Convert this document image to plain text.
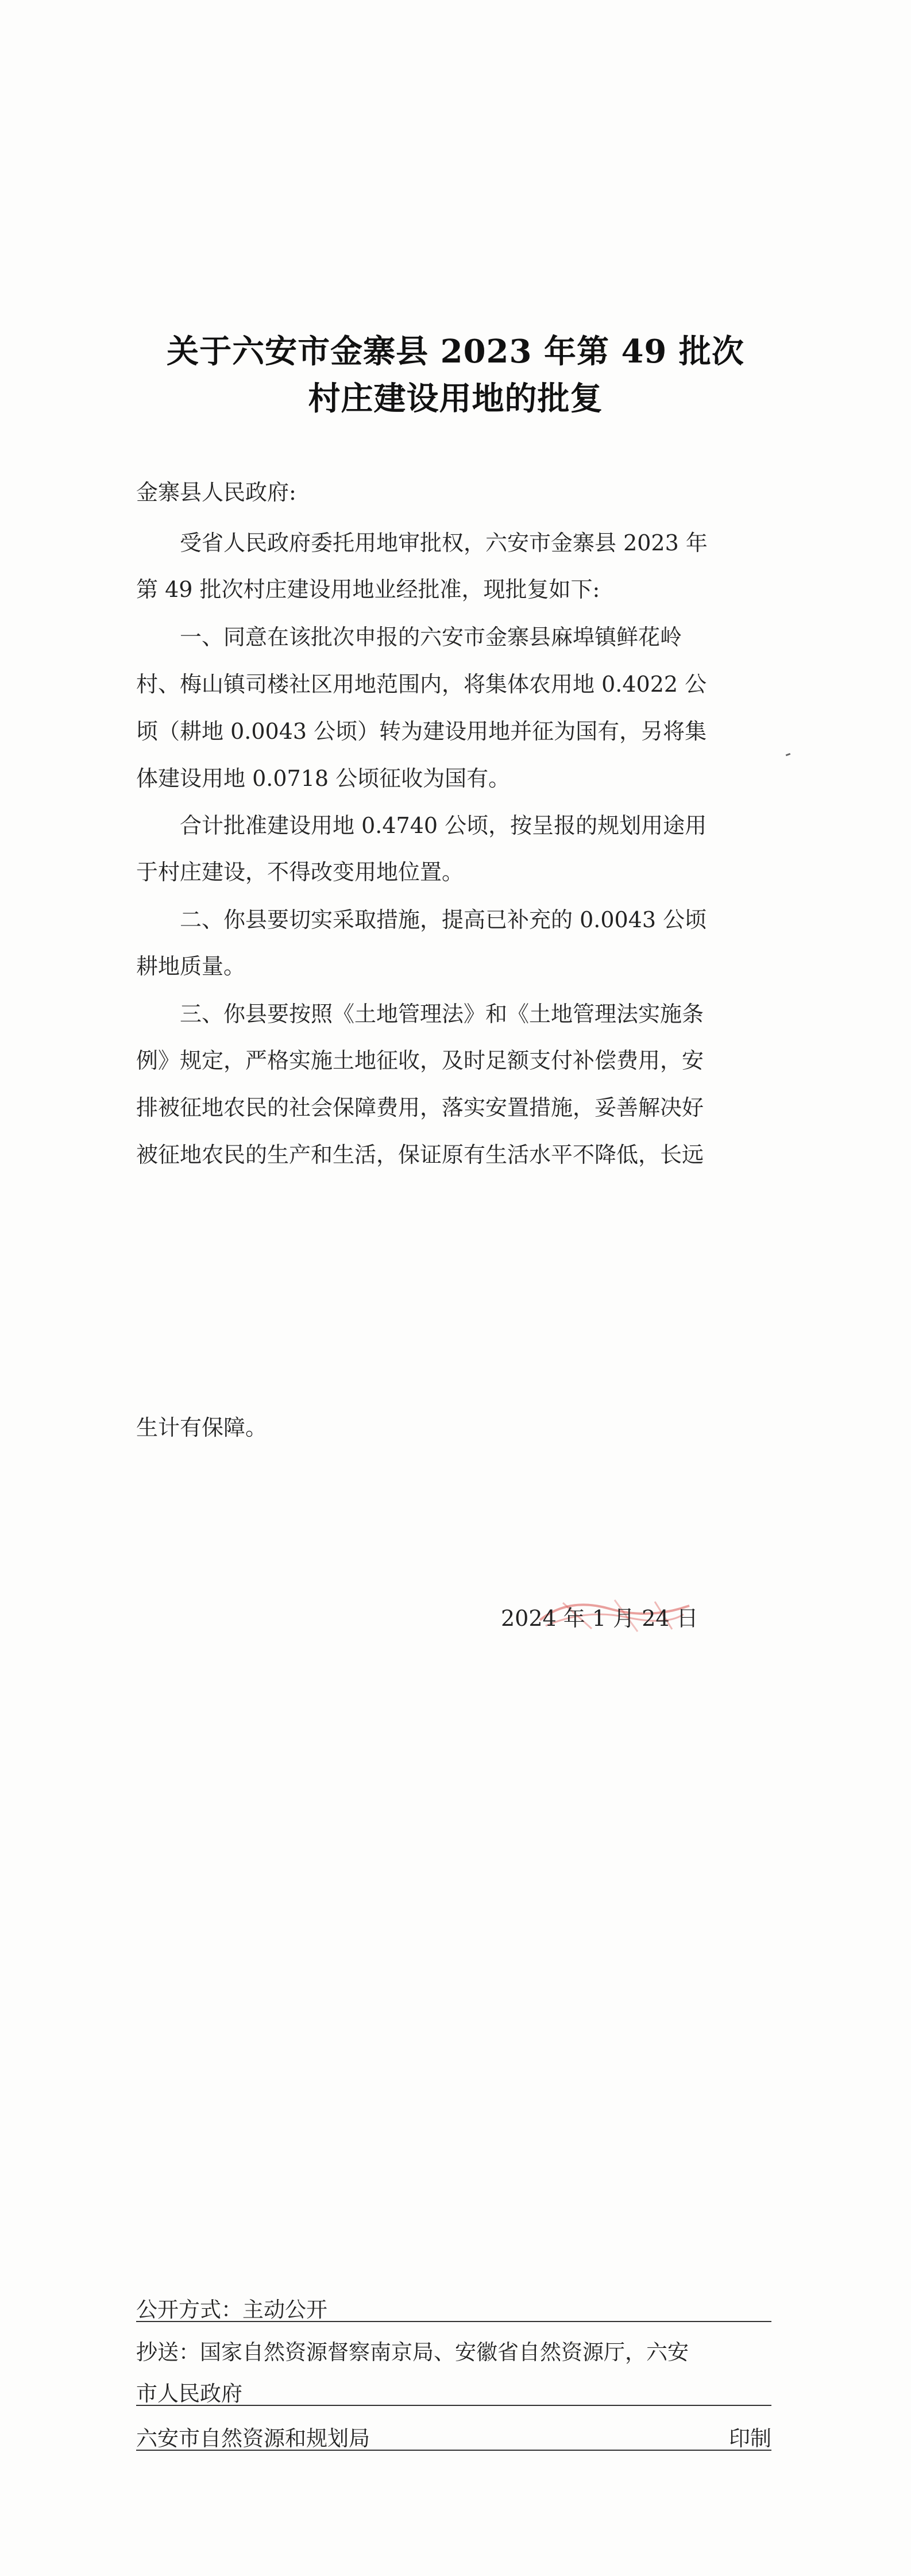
关于六安市金寨县 2023 年第 49 批次
村庄建设用地的批复
金寨县人民政府:
受省人民政府委托用地审批权，六安市金寨县 2023 年
第 49 批次村庄建设用地业经批准，现批复如下:
一、同意在该批次申报的六安市金寨县麻埠镇鲜花岭
村、梅山镇司楼社区用地范围内，将集体农用地 0.4022 公
顷（耕地 0.0043 公顷）转为建设用地并征为国有，另将集
体建设用地 0.0718 公顷征收为国有。
合计批准建设用地 0.4740 公顷，按呈报的规划用途用
于村庄建设，不得改变用地位置。
二、你县要切实采取措施，提高已补充的 0.0043 公顷
耕地质量。
三、你县要按照《土地管理法》和《土地管理法实施条
例》规定，严格实施土地征收，及时足额支付补偿费用，安
排被征地农民的社会保障费用，落实安置措施，妥善解决好
被征地农民的生产和生活，保证原有生活水平不降低，长远
生计有保障。
2024 年 1 月 24 日
公开方式：主动公开
抄送：国家自然资源督察南京局、安徽省自然资源厅，六安
市人民政府
六安市自然资源和规划局	印制
